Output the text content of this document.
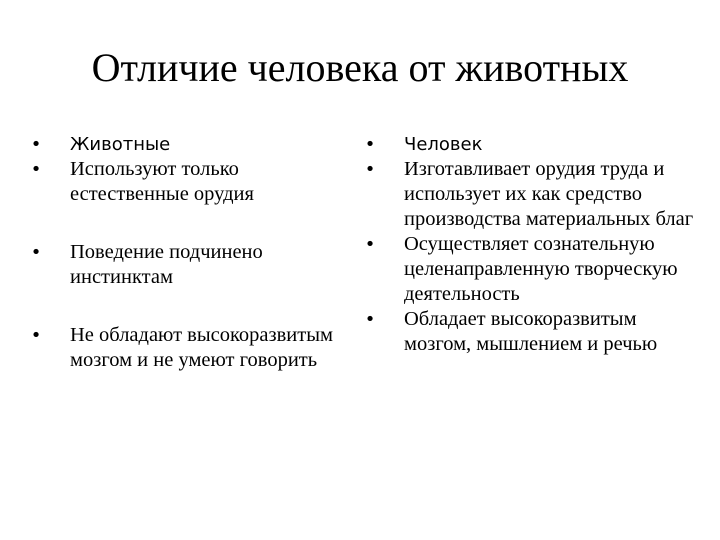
Отличие человека от животных
• Животные
• Используют только естественные орудия
• Поведение подчинено инстинктам
• Не обладают высокоразвитым мозгом и не умеют говорить
• Человек
• Изготавливает орудия труда и использует их как средство производства материальных благ
• Осуществляет сознательную целенаправленную творческую деятельность
• Обладает высокоразвитым мозгом, мышлением и речью
